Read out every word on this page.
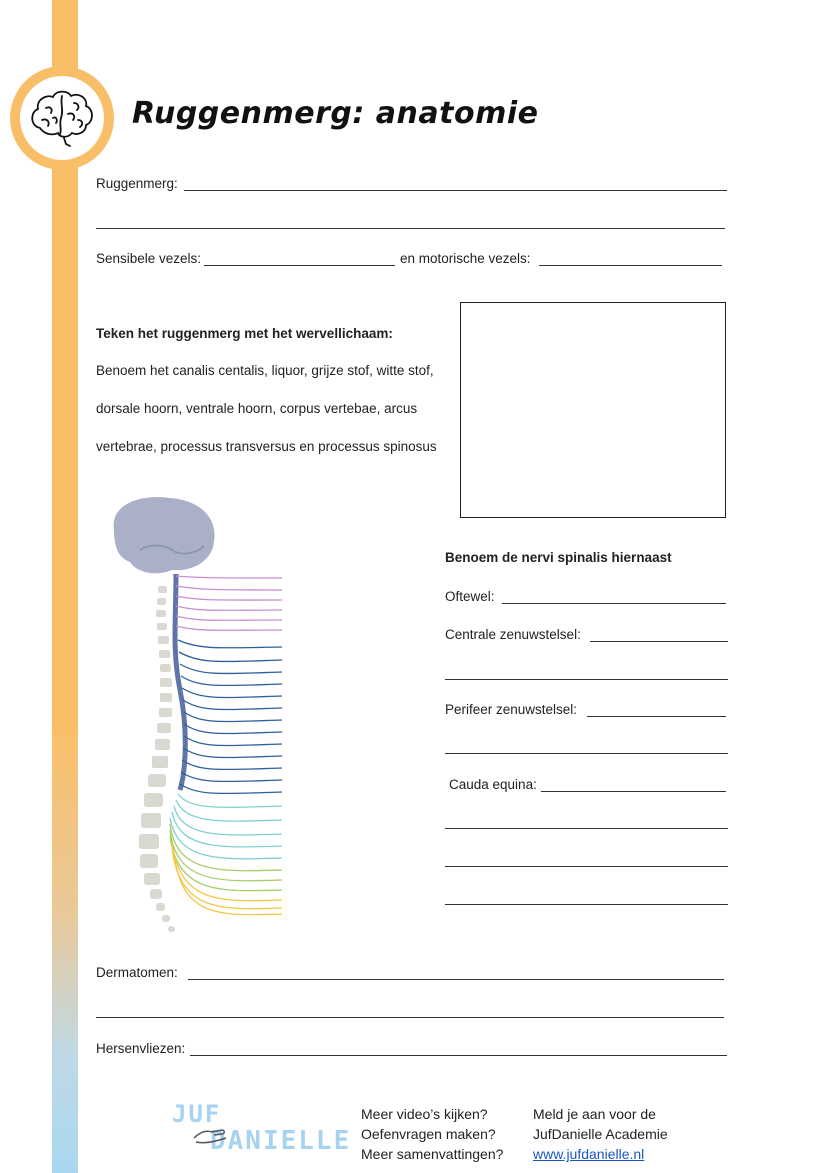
Ruggenmerg: anatomie
Ruggenmerg:
Sensibele vezels:	en motorische vezels:
Teken het ruggenmerg met het wervellichaam:
Benoem het canalis centalis, liquor, grijze stof, witte stof,
dorsale hoorn, ventrale hoorn, corpus vertebae, arcus
vertebrae, processus transversus en processus spinosus
Benoem de nervi spinalis hiernaast
Oftewel:
Centrale zenuwstelsel:
Perifeer zenuwstelsel:
Cauda equina:
Dermatomen:
Hersenvliezen:
JUF
DANIELLE
Meer video’s kijken?
Oefenvragen maken?
Meer samenvattingen?
Meld je aan voor de
JufDanielle Academie
www.jufdanielle.nl
